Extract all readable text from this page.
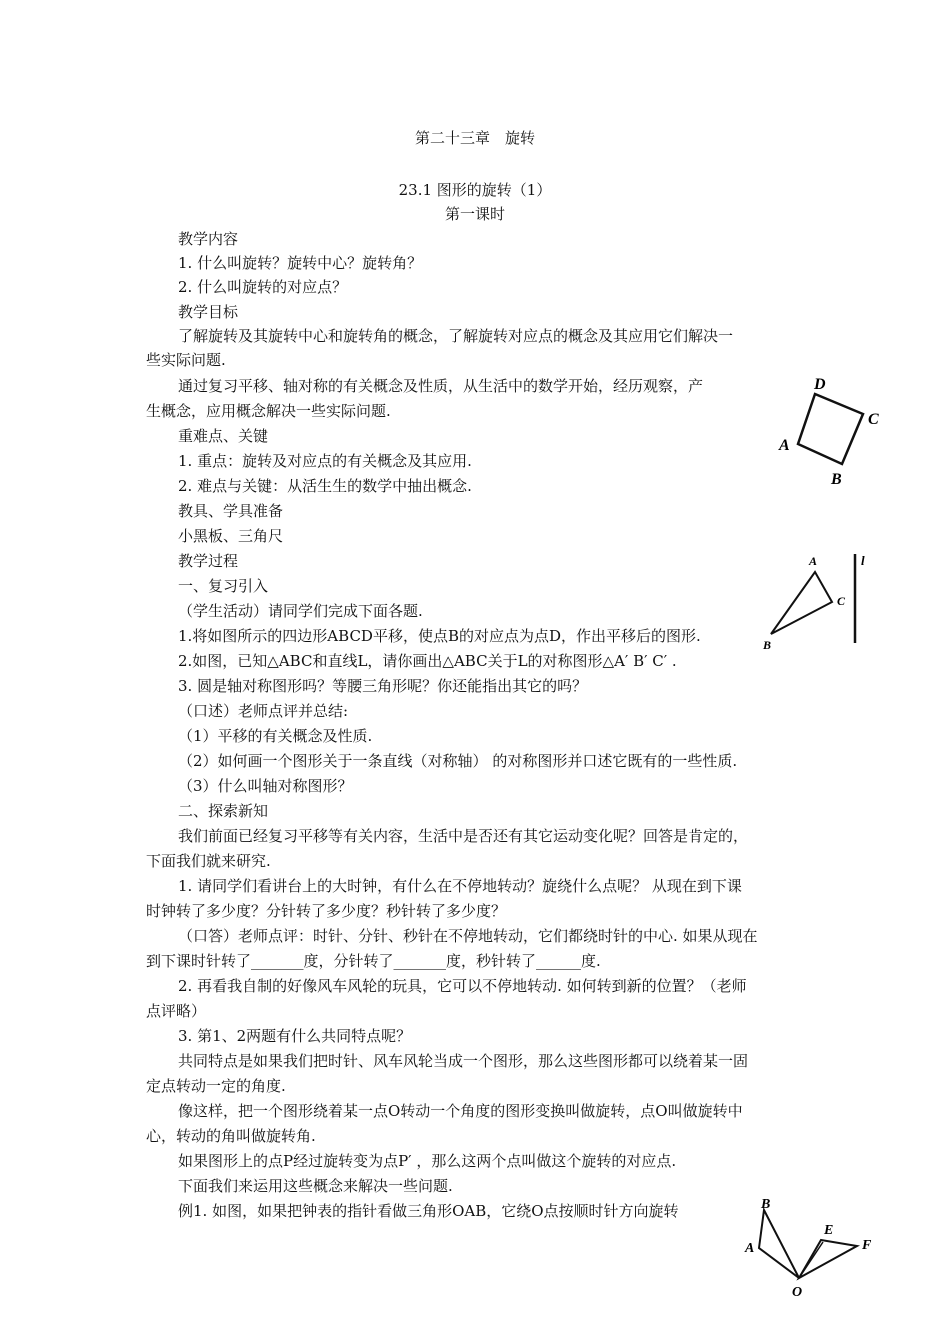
第二十三章　旋转
23.1 图形的旋转（1）
第一课时
教学内容
1. 什么叫旋转？旋转中心？旋转角？
2. 什么叫旋转的对应点？
教学目标
了解旋转及其旋转中心和旋转角的概念，了解旋转对应点的概念及其应用它们解决一
些实际问题.
通过复习平移、轴对称的有关概念及性质，从生活中的数学开始，经历观察，产
生概念，应用概念解决一些实际问题.
重难点、关键
1. 重点：旋转及对应点的有关概念及其应用.
2. 难点与关键：从活生生的数学中抽出概念.
教具、学具准备
小黑板、三角尺
教学过程
一、复习引入
（学生活动）请同学们完成下面各题.
1.将如图所示的四边形ABCD平移，使点B的对应点为点D，作出平移后的图形.
2.如图，已知△ABC和直线L，请你画出△ABC关于L的对称图形△A′ B′ C′ .
3. 圆是轴对称图形吗？等腰三角形呢？你还能指出其它的吗？
（口述）老师点评并总结:
（1）平移的有关概念及性质.
（2）如何画一个图形关于一条直线（对称轴） 的对称图形并口述它既有的一些性质.
（3）什么叫轴对称图形？
二、探索新知
我们前面已经复习平移等有关内容，生活中是否还有其它运动变化呢？回答是肯定的，
下面我们就来研究.
1. 请同学们看讲台上的大时钟，有什么在不停地转动？旋绕什么点呢？ 从现在到下课
时钟转了多少度？分针转了多少度？秒针转了多少度？
（口答）老师点评：时针、分针、秒针在不停地转动，它们都绕时针的中心. 如果从现在
到下课时针转了_______度，分针转了_______度，秒针转了______度.
2. 再看我自制的好像风车风轮的玩具，它可以不停地转动. 如何转到新的位置？（老师
点评略）
3. 第1、2两题有什么共同特点呢？
共同特点是如果我们把时针、风车风轮当成一个图形，那么这些图形都可以绕着某一固
定点转动一定的角度.
像这样，把一个图形绕着某一点O转动一个角度的图形变换叫做旋转，点O叫做旋转中
心，转动的角叫做旋转角.
如果图形上的点P经过旋转变为点P′ ，那么这两个点叫做这个旋转的对应点.
下面我们来运用这些概念来解决一些问题.
例1. 如图，如果把钟表的指针看做三角形OAB，它绕O点按顺时针方向旋转
D
C
A
B
A
C
B
l
B
A
E
F
O
